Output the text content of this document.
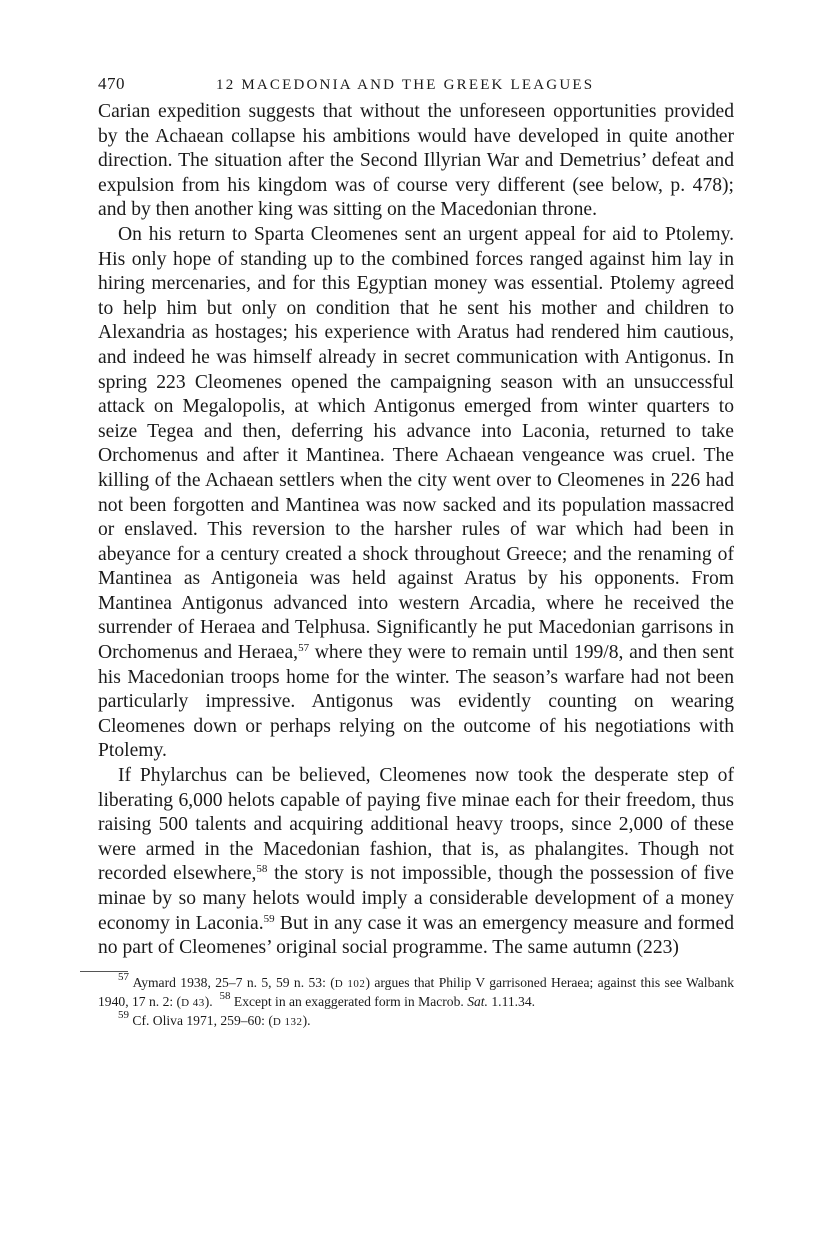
470	12 MACEDONIA AND THE GREEK LEAGUES

Carian expedition suggests that without the unforeseen opportunities provided by the Achaean collapse his ambitions would have developed in quite another direction. The situation after the Second Illyrian War and Demetrius’ defeat and expulsion from his kingdom was of course very different (see below, p. 478); and by then another king was sitting on the Macedonian throne.

On his return to Sparta Cleomenes sent an urgent appeal for aid to Ptolemy. His only hope of standing up to the combined forces ranged against him lay in hiring mercenaries, and for this Egyptian money was essential. Ptolemy agreed to help him but only on condition that he sent his mother and children to Alexandria as hostages; his experience with Aratus had rendered him cautious, and indeed he was himself already in secret communication with Antigonus. In spring 223 Cleomenes opened the campaigning season with an unsuccessful attack on Megalopolis, at which Antigonus emerged from winter quarters to seize Tegea and then, deferring his advance into Laconia, returned to take Orchomenus and after it Mantinea. There Achaean vengeance was cruel. The killing of the Achaean settlers when the city went over to Cleomenes in 226 had not been forgotten and Mantinea was now sacked and its population massacred or enslaved. This reversion to the harsher rules of war which had been in abeyance for a century created a shock throughout Greece; and the renaming of Mantinea as Antigoneia was held against Aratus by his opponents. From Mantinea Antigonus advanced into western Arcadia, where he received the surrender of Heraea and Telphusa. Significantly he put Macedonian garrisons in Orchomenus and Heraea,$^{57}$ where they were to remain until 199/8, and then sent his Macedonian troops home for the winter. The season’s warfare had not been particularly impressive. Antigonus was evidently counting on wearing Cleomenes down or perhaps relying on the outcome of his negotiations with Ptolemy.

If Phylarchus can be believed, Cleomenes now took the desperate step of liberating 6,000 helots capable of paying five minae each for their freedom, thus raising 500 talents and acquiring additional heavy troops, since 2,000 of these were armed in the Macedonian fashion, that is, as phalangites. Though not recorded elsewhere,$^{58}$ the story is not impossible, though the possession of five minae by so many helots would imply a considerable development of a money economy in Laconia.$^{59}$ But in any case it was an emergency measure and formed no part of Cleomenes’ original social programme. The same autumn (223)

$^{57}$ Aymard 1938, 25–7 n. 5, 59 n. 53: (D 102) argues that Philip V garrisoned Heraea; against this see Walbank 1940, 17 n. 2: (D 43). $^{58}$ Except in an exaggerated form in Macrob. Sat. 1.11.34.

$^{59}$ Cf. Oliva 1971, 259–60: (D 132).
